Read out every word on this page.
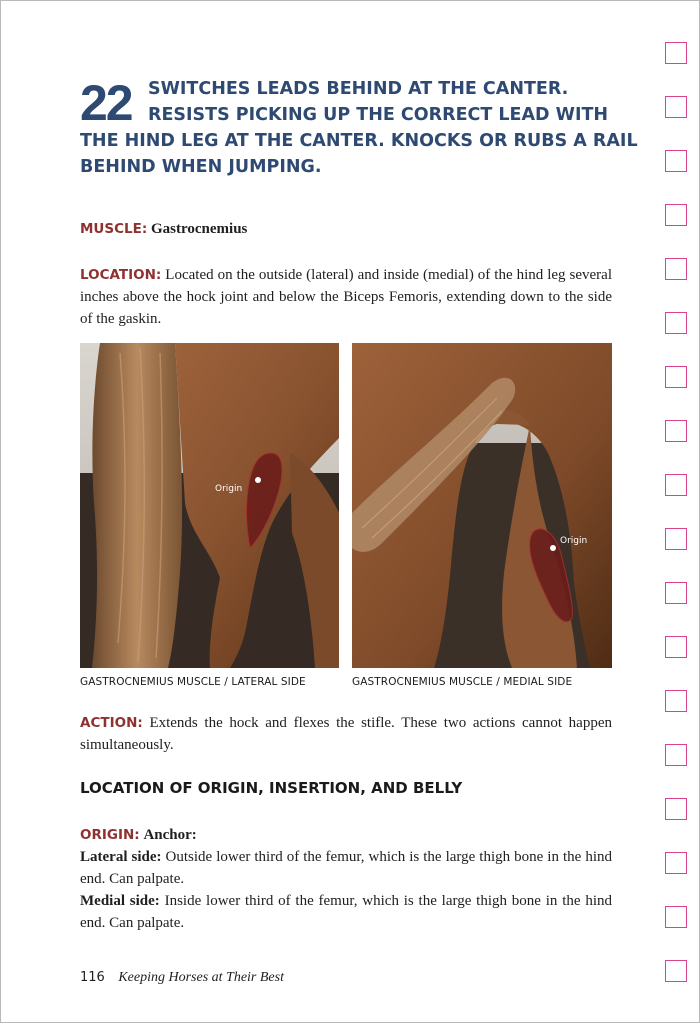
22 SWITCHES LEADS BEHIND AT THE CANTER.
RESISTS PICKING UP THE CORRECT LEAD WITH
THE HIND LEG AT THE CANTER. KNOCKS OR RUBS A RAIL
BEHIND WHEN JUMPING.

MUSCLE: Gastrocnemius

LOCATION: Located on the outside (lateral) and inside (medial) of the hind leg several inches above the hock joint and below the Biceps Femoris, extending down to the side of the gaskin.

Origin
Origin
GASTROCNEMIUS MUSCLE / LATERAL SIDE	GASTROCNEMIUS MUSCLE / MEDIAL SIDE

ACTION: Extends the hock and flexes the stifle. These two actions cannot happen simultaneously.

LOCATION OF ORIGIN, INSERTION, AND BELLY

ORIGIN: Anchor:

Lateral side: Outside lower third of the femur, which is the large thigh bone in the hind end. Can palpate.

Medial side: Inside lower third of the femur, which is the large thigh bone in the hind end. Can palpate.

116 Keeping Horses at Their Best
